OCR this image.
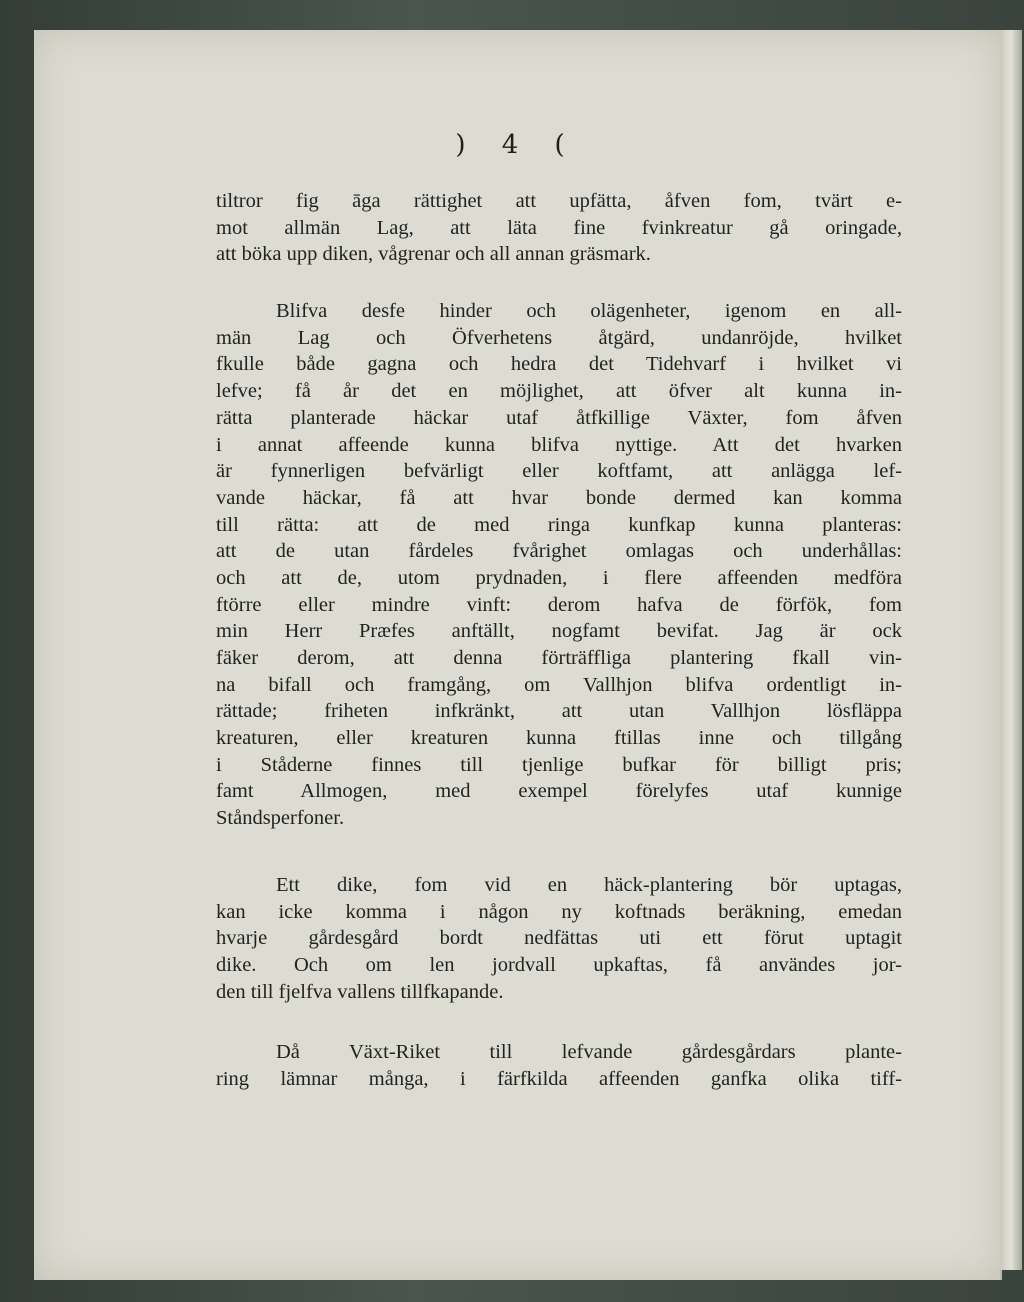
) 4 (
tiltror fig āga rättighet att upfätta, åfven fom, tvärt e-
mot allmän Lag, att läta fine fvinkreatur gå oringade,
att böka upp diken, vågrenar och all annan gräsmark.
Blifva desfe hinder och olägenheter, igenom en all-
män Lag och Öfverhetens åtgärd, undanröjde, hvilket
fkulle både gagna och hedra det Tidehvarf i hvilket vi
lefve; få år det en möjlighet, att öfver alt kunna in-
rätta planterade häckar utaf åtfkillige Växter, fom åfven
i annat affeende kunna blifva nyttige. Att det hvarken
är fynnerligen befvärligt eller koftfamt, att anlägga lef-
vande häckar, få att hvar bonde dermed kan komma
till rätta: att de med ringa kunfkap kunna planteras:
att de utan fårdeles fvårighet omlagas och underhållas:
och att de, utom prydnaden, i flere affeenden medföra
ftörre eller mindre vinft: derom hafva de förfök, fom
min Herr Præfes anftällt, nogfamt bevifat. Jag är ock
fäker derom, att denna förträffliga plantering fkall vin-
na bifall och framgång, om Vallhjon blifva ordentligt in-
rättade; friheten infkränkt, att utan Vallhjon lösfläppa
kreaturen, eller kreaturen kunna ftillas inne och tillgång
i Ståderne finnes till tjenlige bufkar för billigt pris;
famt Allmogen, med exempel förelyfes utaf kunnige
Ståndsperfoner.
Ett dike, fom vid en häck-plantering bör uptagas,
kan icke komma i någon ny koftnads beräkning, emedan
hvarje gårdesgård bordt nedfättas uti ett förut uptagit
dike. Och om len jordvall upkaftas, få användes jor-
den till fjelfva vallens tillfkapande.
Då Växt-Riket till lefvande gårdesgårdars plante-
ring lämnar många, i färfkilda affeenden ganfka olika tiff-
